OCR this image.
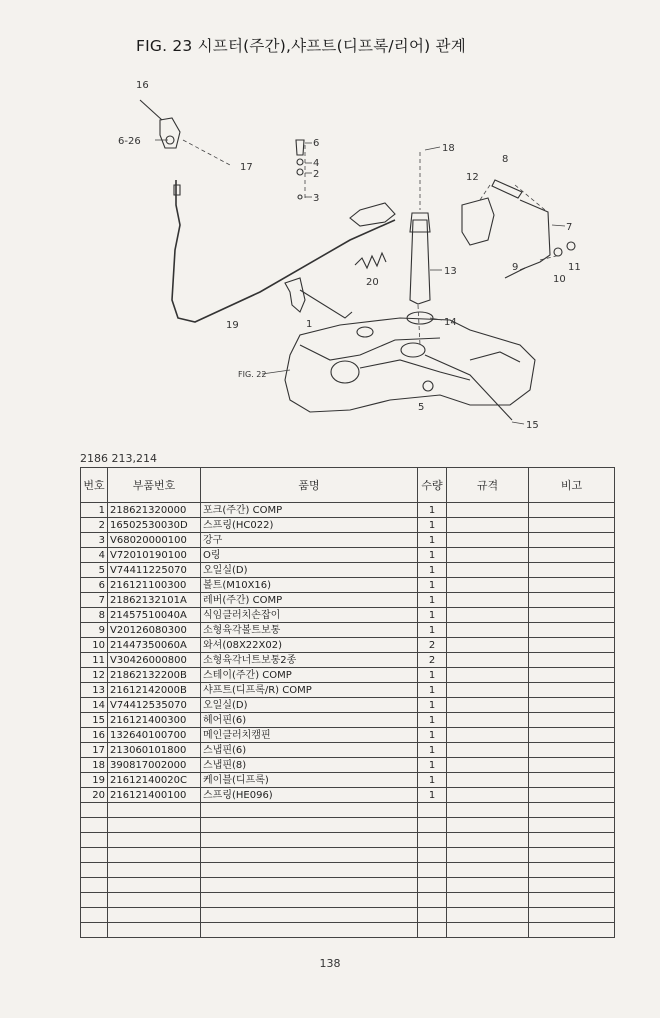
FIG. 23 시프터(주간),샤프트(디프록/리어) 관계
16
6-26
17
6
4
2
3
18
8
12
7
13
20
9	11
10
14
1
19
5
15
FIG. 22
2186 213,214
번호	부품번호	품명	수량	규격	비고
1	218621320000	포크(주간) COMP	1		
2	16502530030D	스프링(HC022)	1		
3	V68020000100	강구	1		
4	V72010190100	O링	1		
5	V74411225070	오일실(D)	1		
6	216121100300	볼트(M10X16)	1		
7	21862132101A	레버(주간) COMP	1		
8	21457510040A	식임클러치손잡이	1		
9	V20126080300	소형육각볼트보통	1		
10	21447350060A	와셔(08X22X02)	2		
11	V30426000800	소형육각너트보통2종	2		
12	21862132200B	스테이(주간) COMP	1		
13	21612142000B	샤프트(디프록/R) COMP	1		
14	V74412535070	오일실(D)	1		
15	216121400300	헤어핀(6)	1		
16	132640100700	메인클러치캠핀	1		
17	213060101800	스냅핀(6)	1		
18	390817002000	스냅핀(8)	1		
19	21612140020C	케이블(디프록)	1		
20	216121400100	스프링(HE096)	1		

138
